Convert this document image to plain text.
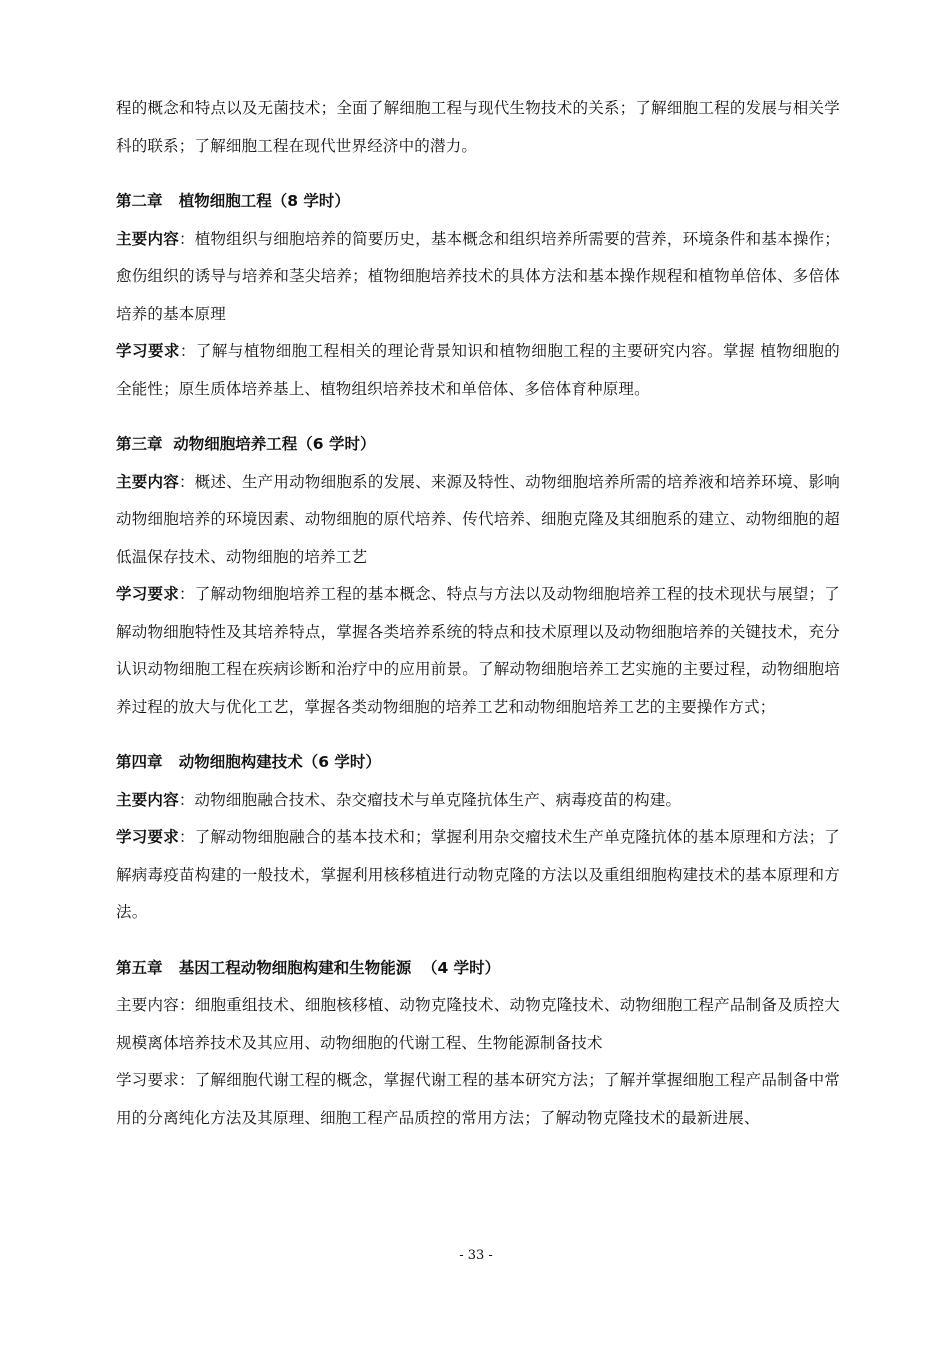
程的概念和特点以及无菌技术；全面了解细胞工程与现代生物技术的关系；了解细胞工程的发展与相关学科的联系；了解细胞工程在现代世界经济中的潜力。

第二章   植物细胞工程（8 学时）

主要内容：植物组织与细胞培养的简要历史，基本概念和组织培养所需要的营养，环境条件和基本操作；愈伤组织的诱导与培养和茎尖培养；植物细胞培养技术的具体方法和基本操作规程和植物单倍体、多倍体培养的基本原理

学习要求：了解与植物细胞工程相关的理论背景知识和植物细胞工程的主要研究内容。掌握 植物细胞的全能性；原生质体培养基上、植物组织培养技术和单倍体、多倍体育种原理。

第三章  动物细胞培养工程（6 学时）

主要内容：概述、生产用动物细胞系的发展、来源及特性、动物细胞培养所需的培养液和培养环境、影响动物细胞培养的环境因素、动物细胞的原代培养、传代培养、细胞克隆及其细胞系的建立、动物细胞的超低温保存技术、动物细胞的培养工艺

学习要求：了解动物细胞培养工程的基本概念、特点与方法以及动物细胞培养工程的技术现状与展望；了解动物细胞特性及其培养特点，掌握各类培养系统的特点和技术原理以及动物细胞培养的关键技术，充分认识动物细胞工程在疾病诊断和治疗中的应用前景。了解动物细胞培养工艺实施的主要过程，动物细胞培养过程的放大与优化工艺，掌握各类动物细胞的培养工艺和动物细胞培养工艺的主要操作方式；

第四章   动物细胞构建技术（6 学时）

主要内容：动物细胞融合技术、杂交瘤技术与单克隆抗体生产、病毒疫苗的构建。

学习要求：了解动物细胞融合的基本技术和；掌握利用杂交瘤技术生产单克隆抗体的基本原理和方法；了解病毒疫苗构建的一般技术，掌握利用核移植进行动物克隆的方法以及重组细胞构建技术的基本原理和方法。

第五章   基因工程动物细胞构建和生物能源  （4 学时）

主要内容：细胞重组技术、细胞核移植、动物克隆技术、动物克隆技术、动物细胞工程产品制备及质控大规模离体培养技术及其应用、动物细胞的代谢工程、生物能源制备技术

学习要求：了解细胞代谢工程的概念，掌握代谢工程的基本研究方法；了解并掌握细胞工程产品制备中常用的分离纯化方法及其原理、细胞工程产品质控的常用方法；了解动物克隆技术的最新进展、

- 33 -
